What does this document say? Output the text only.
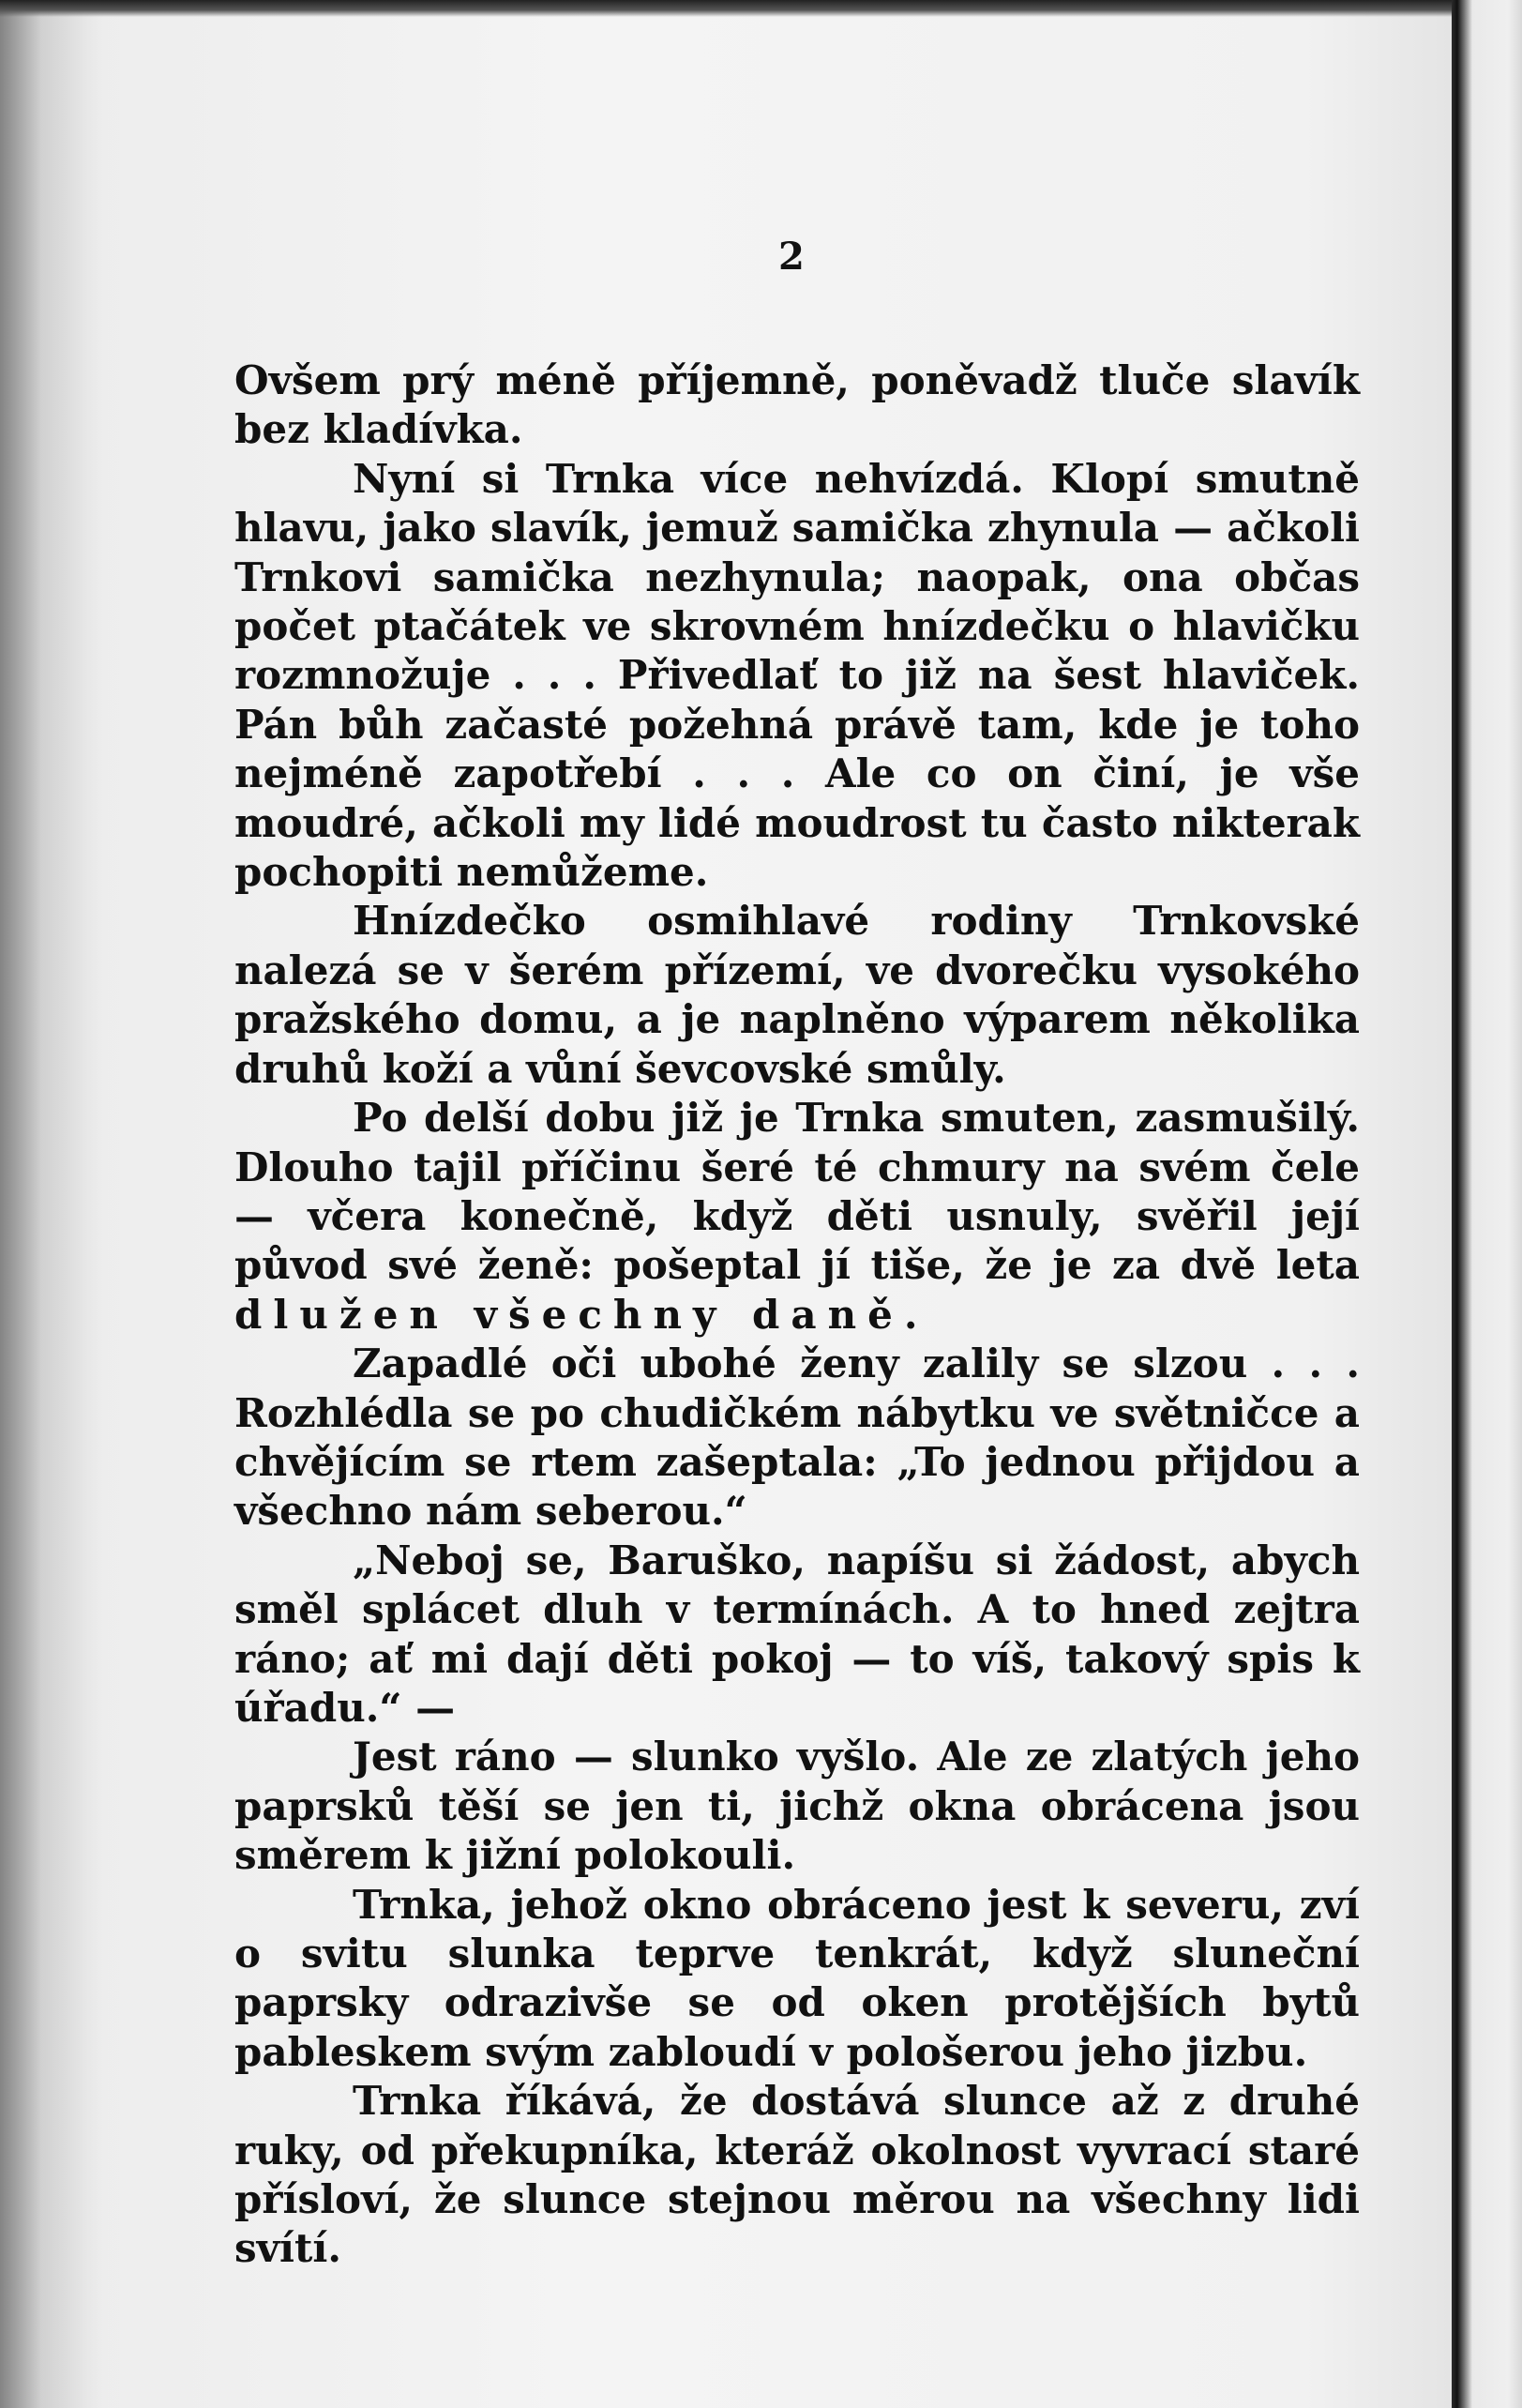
2

Ovšem prý méně příjemně, poněvadž tluče slavík bez kladívka.

Nyní si Trnka více nehvízdá. Klopí smutně hlavu, jako slavík, jemuž samička zhynula — ačkoli Trnkovi samička nezhynula; naopak, ona občas počet ptačátek ve skrovném hnízdečku o hlavičku rozmnožuje . . . Přivedlať to již na šest hlaviček. Pán bůh začasté požehná právě tam, kde je toho nejméně zapotřebí . . . Ale co on činí, je vše moudré, ačkoli my lidé moudrost tu často nikterak pochopiti nemůžeme.

Hnízdečko osmihlavé rodiny Trnkovské nalezá se v šerém přízemí, ve dvorečku vysokého pražského domu, a je naplněno výparem několika druhů koží a vůní ševcovské smůly.

Po delší dobu již je Trnka smuten, zasmušilý. Dlouho tajil příčinu šeré té chmury na svém čele — včera konečně, když děti usnuly, svěřil její původ své ženě: pošeptal jí tiše, že je za dvě leta dlužen všechny daně.

Zapadlé oči ubohé ženy zalily se slzou . . . Rozhlédla se po chudičkém nábytku ve světničce a chvějícím se rtem zašeptala: „To jednou přijdou a všechno nám seberou.“

„Neboj se, Baruško, napíšu si žádost, abych směl splácet dluh v termínách. A to hned zejtra ráno; ať mi dají děti pokoj — to víš, takový spis k úřadu.“ —

Jest ráno — slunko vyšlo. Ale ze zlatých jeho paprsků těší se jen ti, jichž okna obrácena jsou směrem k jižní polokouli.

Trnka, jehož okno obráceno jest k severu, zví o svitu slunka teprve tenkrát, když sluneční paprsky odrazivše se od oken protějších bytů pableskem svým zabloudí v pološerou jeho jizbu.

Trnka říkává, že dostává slunce až z druhé ruky, od překupníka, kteráž okolnost vyvrací staré přísloví, že slunce stejnou měrou na všechny lidi svítí.
